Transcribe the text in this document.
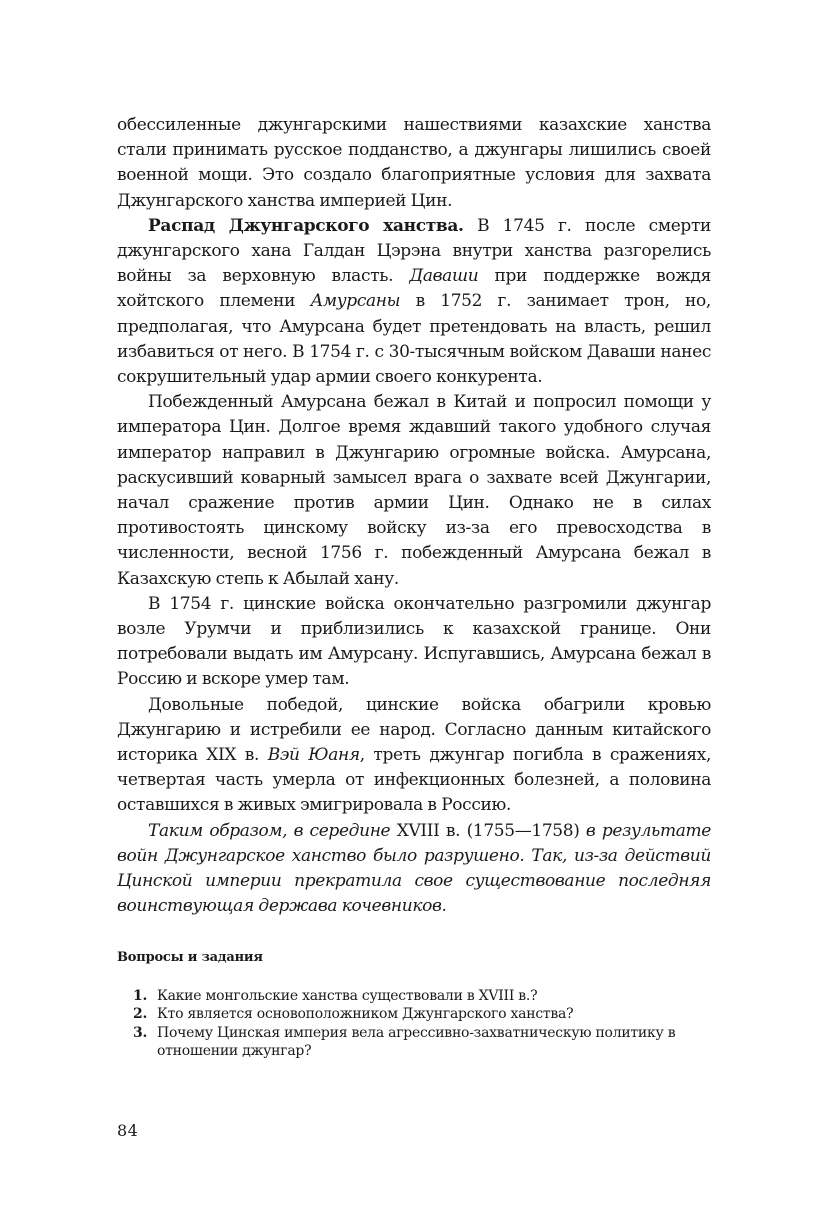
обессиленные джунгарскими нашествиями казахские ханства стали принимать русское подданство, а джунгары лишились своей военной мощи. Это создало благоприятные условия для захвата Джунгарского ханства империей Цин.

Распад Джунгарского ханства. В 1745 г. после смерти джунгарского хана Галдан Цэрэна внутри ханства разгорелись войны за верховную власть. Даваши при поддержке вождя хойтского племени Амурсаны в 1752 г. занимает трон, но, предполагая, что Амурсана будет претендовать на власть, решил избавиться от него. В 1754 г. с 30-тысячным войском Даваши нанес сокрушительный удар армии своего конкурента.

Побежденный Амурсана бежал в Китай и попросил помощи у императора Цин. Долгое время ждавший такого удобного случая император направил в Джунгарию огромные войска. Амурсана, раскусивший коварный замысел врага о захвате всей Джунгарии, начал сражение против армии Цин. Однако не в силах противостоять цинскому войску из-за его превосходства в численности, весной 1756 г. побежденный Амурсана бежал в Казахскую степь к Абылай хану.

В 1754 г. цинские войска окончательно разгромили джунгар возле Урумчи и приблизились к казахской границе. Они потребовали выдать им Амурсану. Испугавшись, Амурсана бежал в Россию и вскоре умер там.

Довольные победой, цинские войска обагрили кровью Джунгарию и истребили ее народ. Согласно данным китайского историка XIX в. Вэй Юаня, треть джунгар погибла в сражениях, четвертая часть умерла от инфекционных болезней, а половина оставшихся в живых эмигрировала в Россию.

Таким образом, в середине XVIII в. (1755—1758) в результате войн Джунгарское ханство было разрушено. Так, из-за действий Цинской империи прекратила свое существование последняя воинствующая держава кочевников.

Вопросы и задания
1. Какие монгольские ханства существовали в XVIII в.?
2. Кто является основоположником Джунгарского ханства?
3. Почему Цинская империя вела агрессивно-захватническую политику в отношении джунгар?
84
